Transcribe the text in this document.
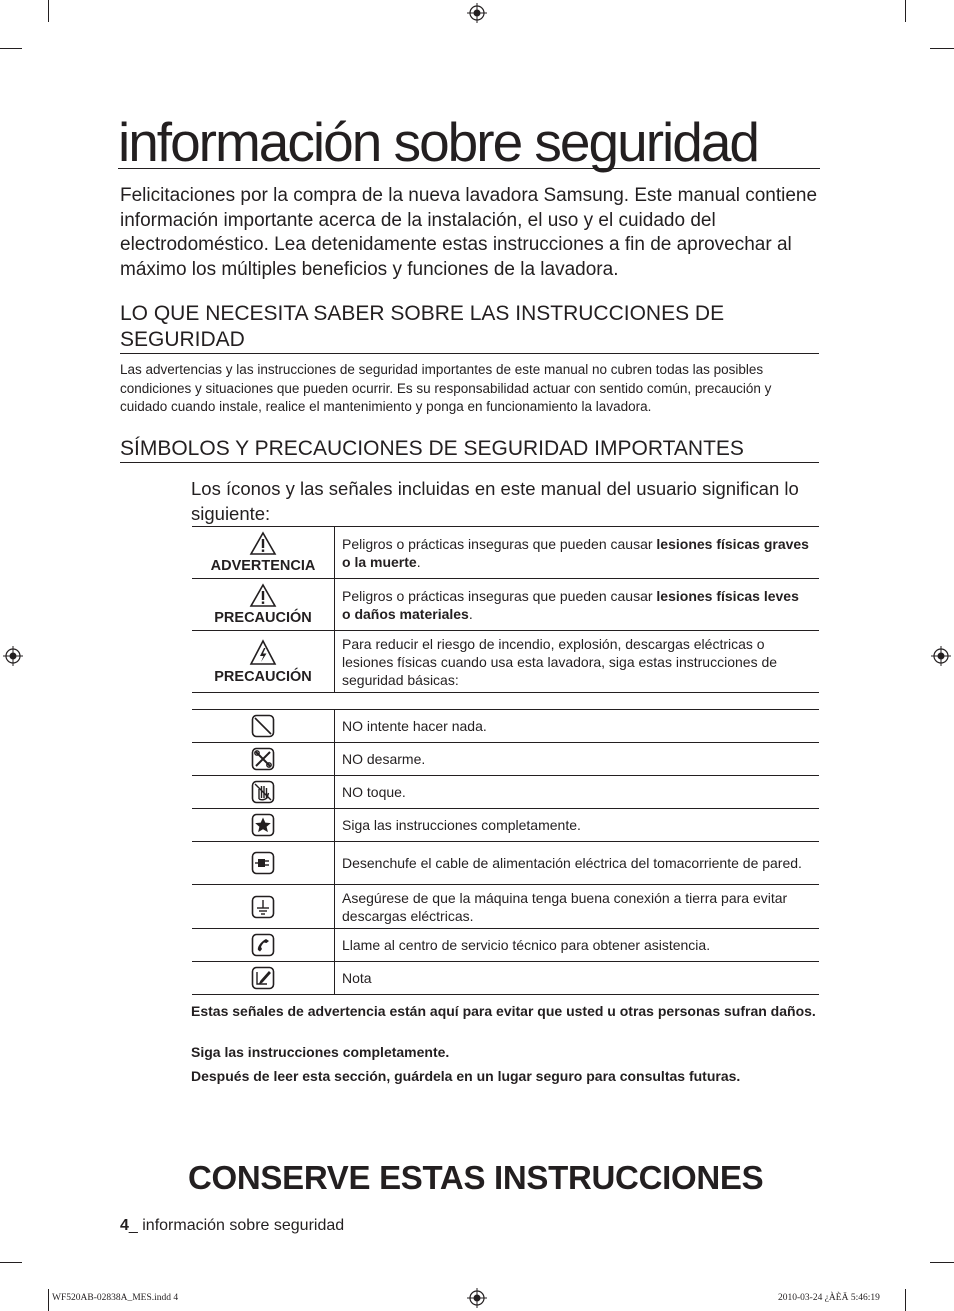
información sobre seguridad

Felicitaciones por la compra de la nueva lavadora Samsung. Este manual contiene información importante acerca de la instalación, el uso y el cuidado del electrodoméstico. Lea detenidamente estas instrucciones a fin de aprovechar al máximo los múltiples beneficios y funciones de la lavadora.

LO QUE NECESITA SABER SOBRE LAS INSTRUCCIONES DE SEGURIDAD

Las advertencias y las instrucciones de seguridad importantes de este manual no cubren todas las posibles condiciones y situaciones que pueden ocurrir. Es su responsabilidad actuar con sentido común, precaución y cuidado cuando instale, realice el mantenimiento y ponga en funcionamiento la lavadora.

SÍMBOLOS Y PRECAUCIONES DE SEGURIDAD IMPORTANTES

Los íconos y las señales incluidas en este manual del usuario significan lo siguiente:

ADVERTENCIA	Peligros o prácticas inseguras que pueden causar lesiones físicas graves o la muerte.

PRECAUCIÓN	Peligros o prácticas inseguras que pueden causar lesiones físicas leves o daños materiales.

PRECAUCIÓN	Para reducir el riesgo de incendio, explosión, descargas eléctricas o lesiones físicas cuando usa esta lavadora, siga estas instrucciones de seguridad básicas:
	NO intente hacer nada.
	NO desarme.
	NO toque.
	Siga las instrucciones completamente.
	Desenchufe el cable de alimentación eléctrica del tomacorriente de pared.
	Asegúrese de que la máquina tenga buena conexión a tierra para evitar descargas eléctricas.
	Llame al centro de servicio técnico para obtener asistencia.
	Nota

Estas señales de advertencia están aquí para evitar que usted u otras personas sufran daños.

Siga las instrucciones completamente.

Después de leer esta sección, guárdela en un lugar seguro para consultas futuras.

CONSERVE ESTAS INSTRUCCIONES
4_ información sobre seguridad
WF520AB-02838A_MES.indd 4	2010-03-24 ¿ÀÈÄ 5:46:19
